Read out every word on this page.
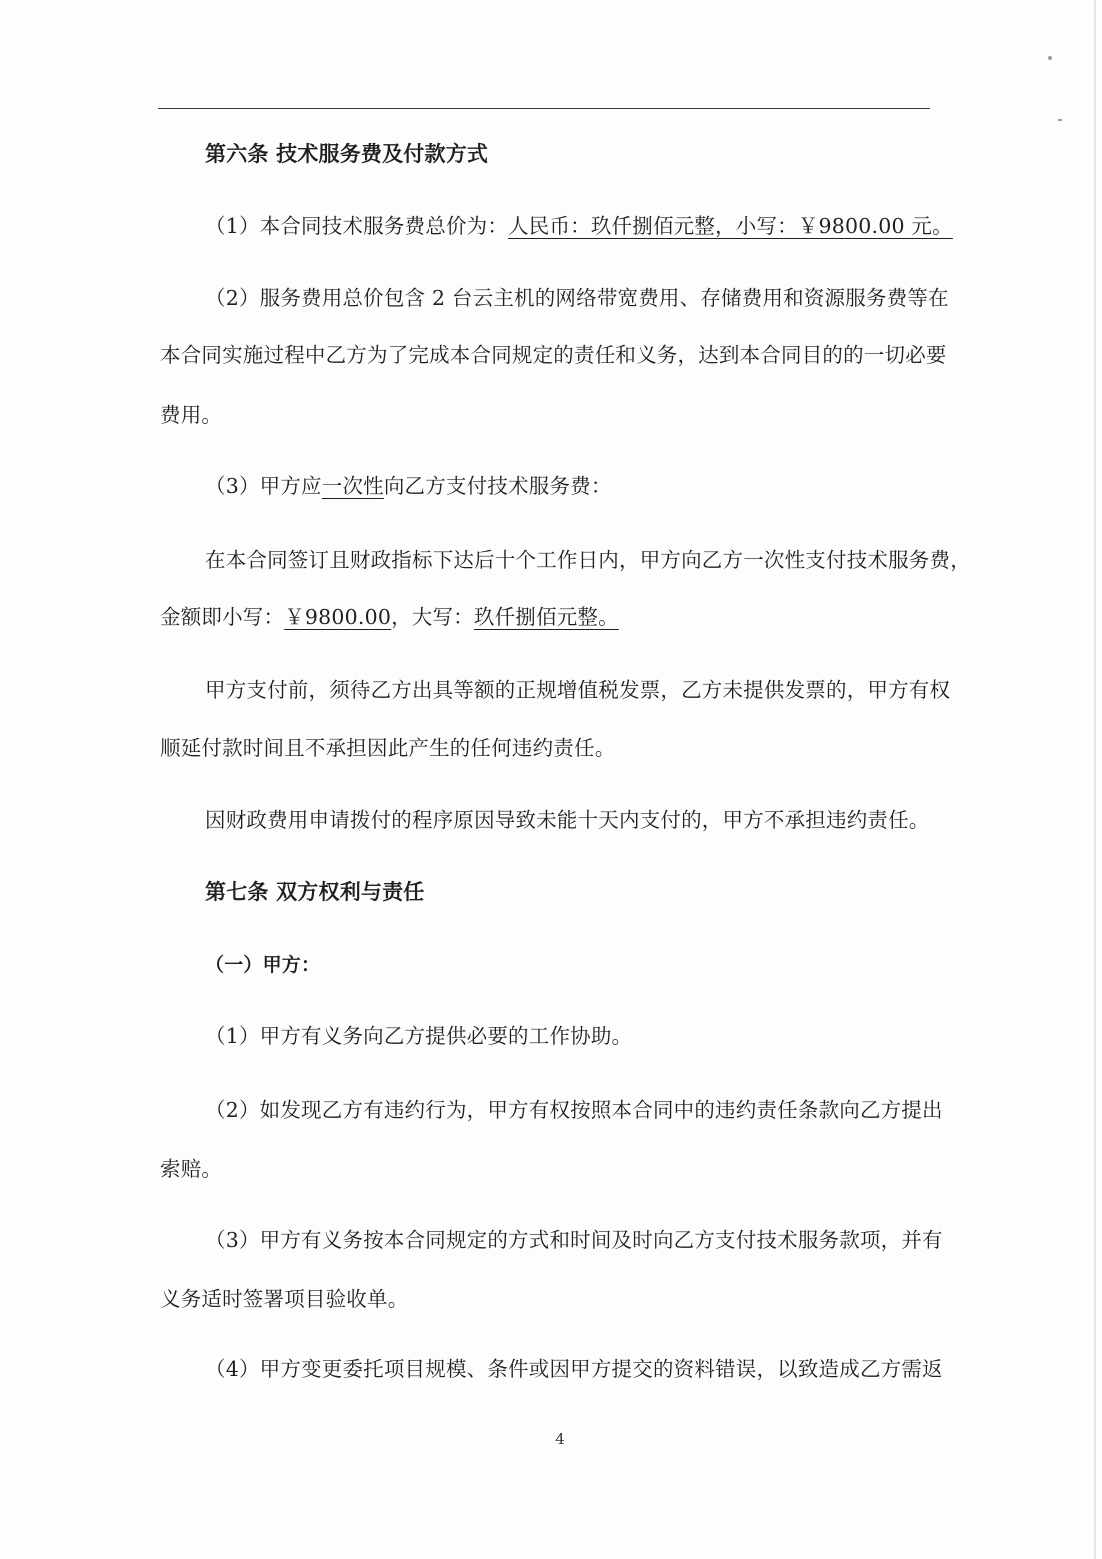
第六条 技术服务费及付款方式
（1）本合同技术服务费总价为：人民币：玖仟捌佰元整，小写：￥9800.00 元。
（2）服务费用总价包含 2 台云主机的网络带宽费用、存储费用和资源服务费等在
本合同实施过程中乙方为了完成本合同规定的责任和义务，达到本合同目的的一切必要
费用。
（3）甲方应一次性向乙方支付技术服务费：
在本合同签订且财政指标下达后十个工作日内，甲方向乙方一次性支付技术服务费，
金额即小写：￥9800.00，大写：玖仟捌佰元整。
甲方支付前，须待乙方出具等额的正规增值税发票，乙方未提供发票的，甲方有权
顺延付款时间且不承担因此产生的任何违约责任。
因财政费用申请拨付的程序原因导致未能十天内支付的，甲方不承担违约责任。
第七条 双方权利与责任
（一）甲方：
（1）甲方有义务向乙方提供必要的工作协助。
（2）如发现乙方有违约行为，甲方有权按照本合同中的违约责任条款向乙方提出
索赔。
（3）甲方有义务按本合同规定的方式和时间及时向乙方支付技术服务款项，并有
义务适时签署项目验收单。
（4）甲方变更委托项目规模、条件或因甲方提交的资料错误，以致造成乙方需返
4
